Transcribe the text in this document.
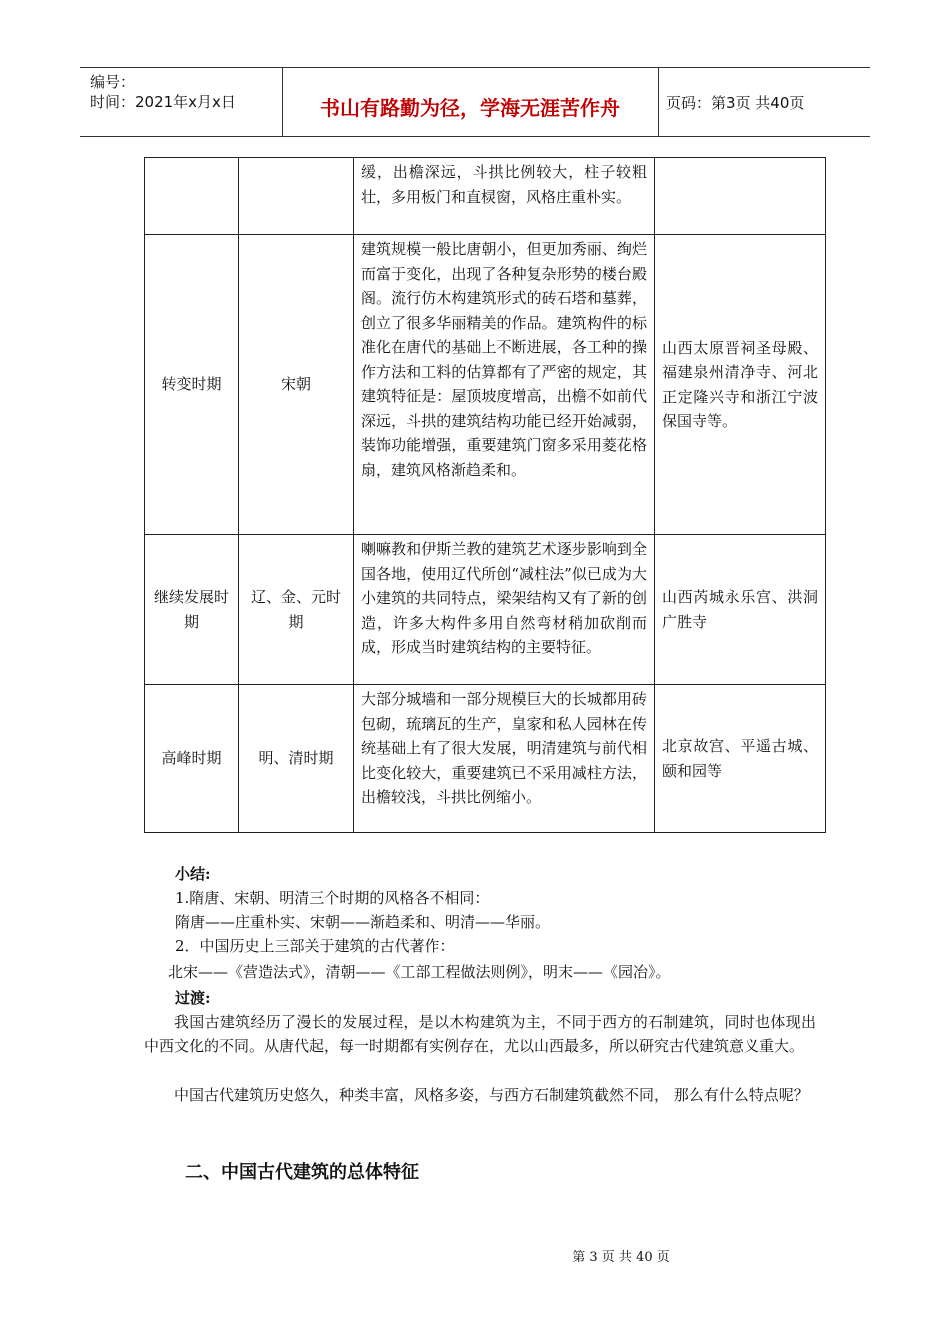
编号：
时间：2021年x月x日	书山有路勤为径，学海无涯苦作舟	页码：第3页 共40页
		缓，出檐深远，斗拱比例较大，柱子较粗壮，多用板门和直棂窗，风格庄重朴实。	
转变时期	宋朝	建筑规模一般比唐朝小，但更加秀丽、绚烂而富于变化，出现了各种复杂形势的楼台殿阁。流行仿木构建筑形式的砖石塔和墓葬，创立了很多华丽精美的作品。建筑构件的标准化在唐代的基础上不断进展，各工种的操作方法和工料的估算都有了严密的规定，其建筑特征是：屋顶坡度增高，出檐不如前代深远，斗拱的建筑结构功能已经开始减弱，装饰功能增强，重要建筑门窗多采用菱花格扇，建筑风格渐趋柔和。	山西太原晋祠圣母殿、福建泉州清净寺、河北正定隆兴寺和浙江宁波保国寺等。
继续发展时期	辽、金、元时期	喇嘛教和伊斯兰教的建筑艺术逐步影响到全国各地，使用辽代所创“减柱法”似已成为大小建筑的共同特点，梁架结构又有了新的创造，许多大构件多用自然弯材稍加砍削而成，形成当时建筑结构的主要特征。	山西芮城永乐宫、洪洞广胜寺
高峰时期	明、清时期	大部分城墙和一部分规模巨大的长城都用砖包砌，琉璃瓦的生产，皇家和私人园林在传统基础上有了很大发展，明清建筑与前代相比变化较大，重要建筑已不采用减柱方法，出檐较浅，斗拱比例缩小。	北京故宫、平遥古城、颐和园等
小结:
1.隋唐、宋朝、明清三个时期的风格各不相同：
隋唐——庄重朴实、宋朝——渐趋柔和、明清——华丽。
2．中国历史上三部关于建筑的古代著作：
北宋——《营造法式》，清朝——《工部工程做法则例》，明末——《园冶》。
过渡:
我国古建筑经历了漫长的发展过程，是以木构建筑为主，不同于西方的石制建筑，同时也体现出中西文化的不同。从唐代起，每一时期都有实例存在，尤以山西最多，所以研究古代建筑意义重大。
中国古代建筑历史悠久，种类丰富，风格多姿，与西方石制建筑截然不同， 那么有什么特点呢？
二、中国古代建筑的总体特征
第 3 页 共 40 页
